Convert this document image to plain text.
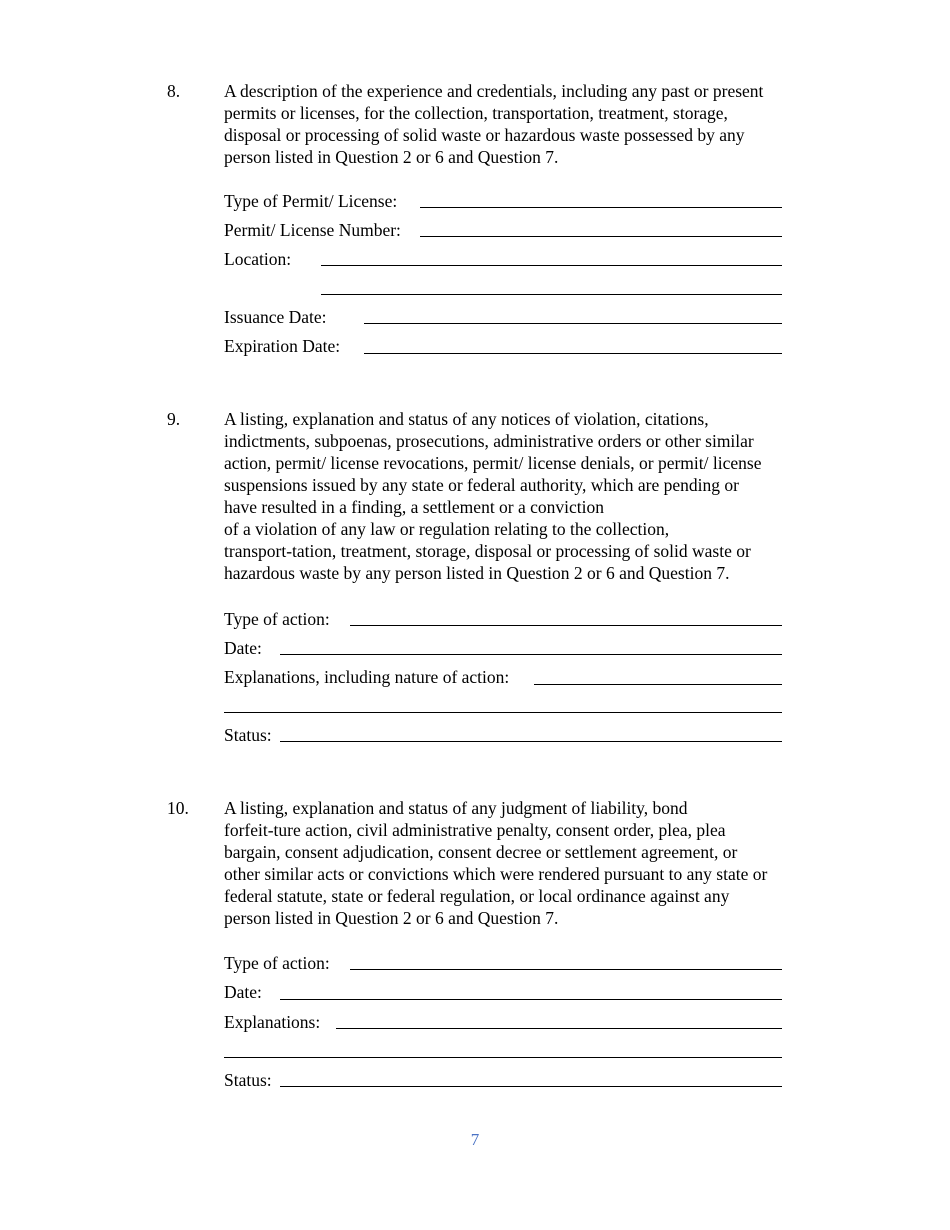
8.	A description of the experience and credentials, including any past or present
permits or licenses, for the collection, transportation, treatment, storage,
disposal or processing of solid waste or hazardous waste possessed by any
person listed in Question 2 or 6 and Question 7.
Type of Permit/ License:
Permit/ License Number:
Location:
Issuance Date:
Expiration Date:
9.	A listing, explanation and status of any notices of violation, citations,
indictments, subpoenas, prosecutions, administrative orders or other similar
action, permit/ license revocations, permit/ license denials, or permit/ license
suspensions issued by any state or federal authority, which are pending or
have resulted in a finding, a settlement or a conviction
of a violation of any law or regulation relating to the collection,
transport-tation, treatment, storage, disposal or processing of solid waste or
hazardous waste by any person listed in Question 2 or 6 and Question 7.
Type of action:
Date:
Explanations, including nature of action:
Status:
10. A listing, explanation and status of any judgment of liability, bond
forfeit-ture action, civil administrative penalty, consent order, plea, plea
bargain, consent adjudication, consent decree or settlement agreement, or
other similar acts or convictions which were rendered pursuant to any state or
federal statute, state or federal regulation, or local ordinance against any
person listed in Question 2 or 6 and Question 7.
Type of action:
Date:
Explanations:
Status:
7
